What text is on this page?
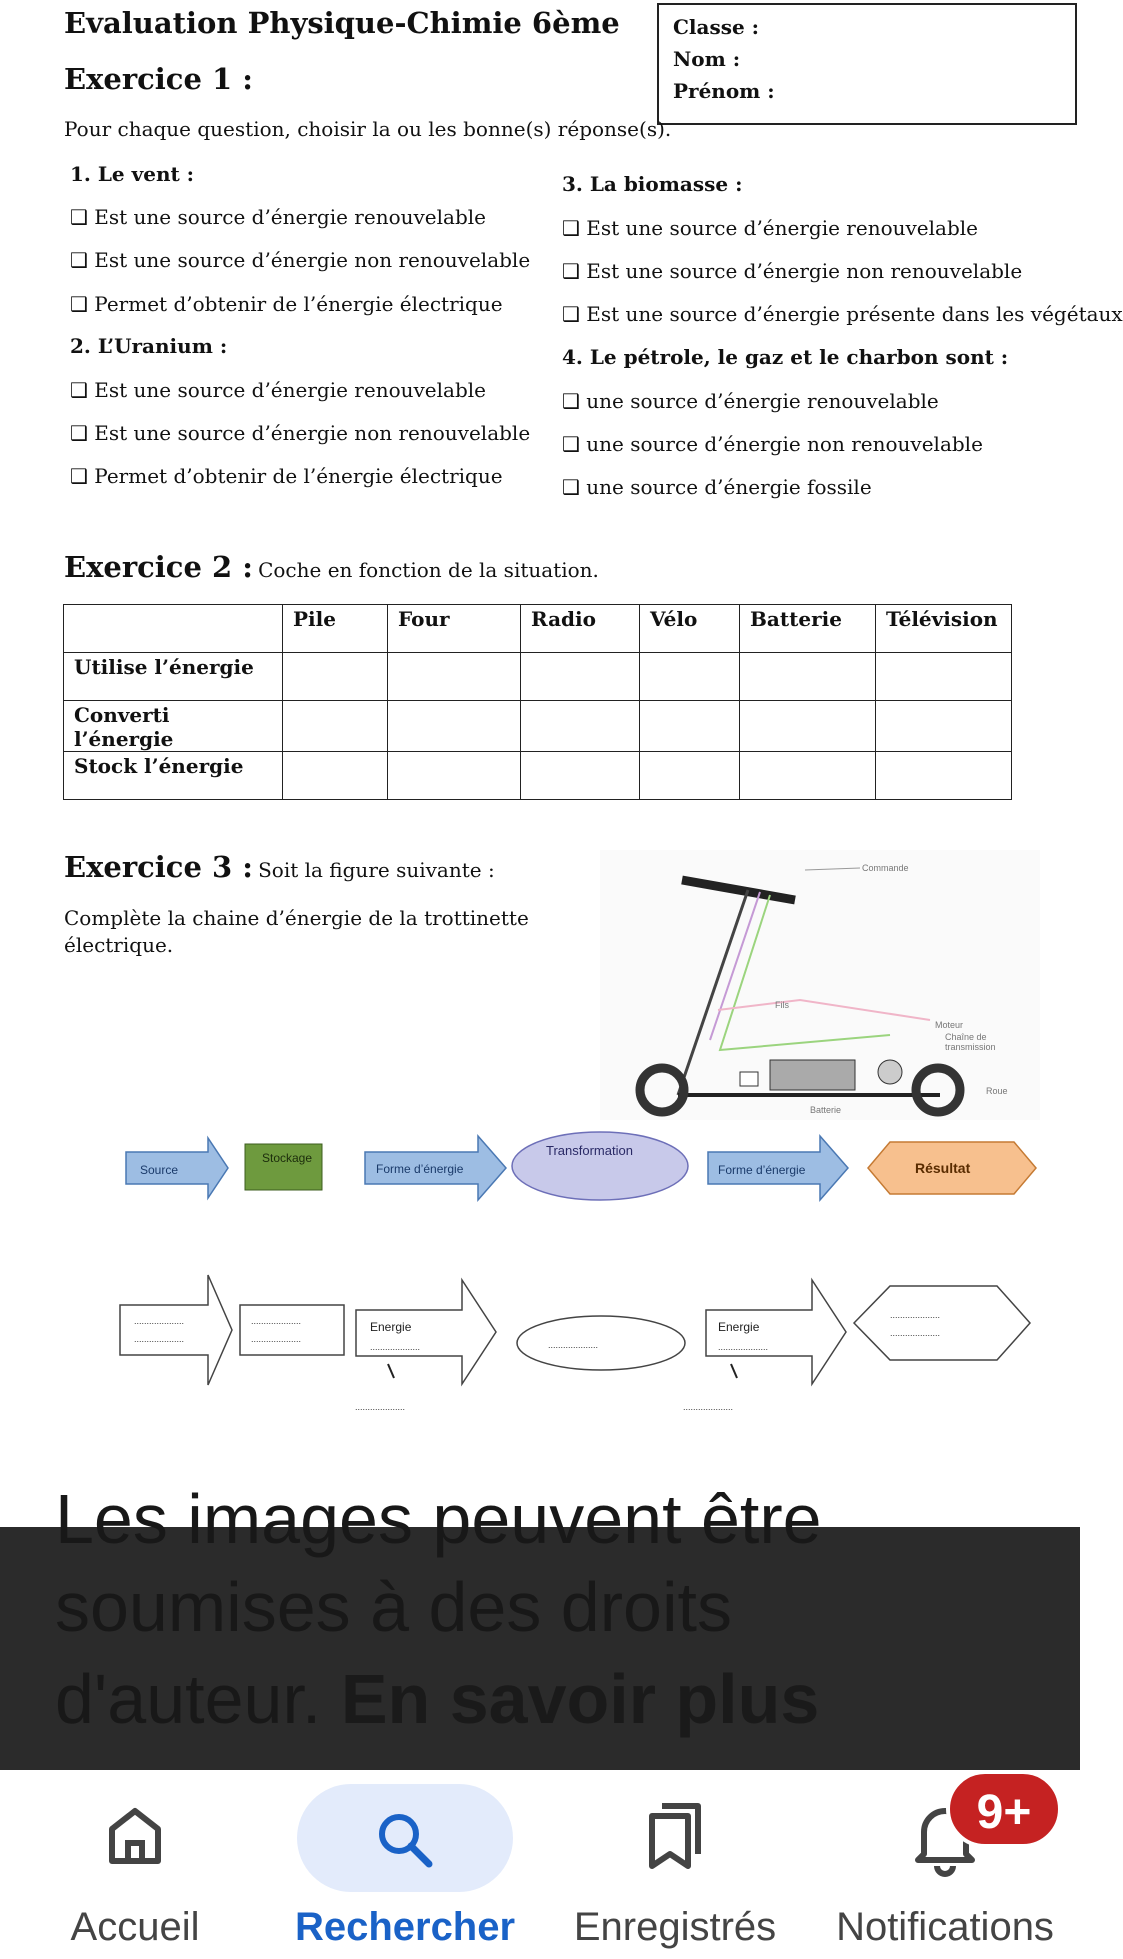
Evaluation Physique-Chimie 6ème	Classe :
Nom :
Prénom :
Exercice 1 :
Pour chaque question, choisir la ou les bonne(s) réponse(s).
1. Le vent :
❑ Est une source d’énergie renouvelable
❑ Est une source d’énergie non renouvelable
❑ Permet d’obtenir de l’énergie électrique
2. L’Uranium :
❑ Est une source d’énergie renouvelable
❑ Est une source d’énergie non renouvelable
❑ Permet d’obtenir de l’énergie électrique
3. La biomasse :
❑ Est une source d’énergie renouvelable
❑ Est une source d’énergie non renouvelable
❑ Est une source d’énergie présente dans les végétaux
4. Le pétrole, le gaz et le charbon sont :
❑ une source d’énergie renouvelable
❑ une source d’énergie non renouvelable
❑ une source d’énergie fossile
Exercice 2 : Coche en fonction de la situation.
	Pile	Four	Radio	Vélo	Batterie	Télévision
Utilise l’énergie						
Converti l’énergie						
Stock l’énergie						
Exercice 3 : Soit la figure suivante :
Complète la chaine d’énergie de la trottinette
électrique.
Commande
Fils
Moteur
Chaîne de
transmission
Roue
Batterie
Source
Stockage
Forme d’énergie
Transformation
Forme d’énergie	Résultat
....................
....................
....................
....................
Energie
....................
....................
....................
Energie
....................
....................
....................
....................
Les images peuvent être
soumises à des droits
d'auteur. En savoir plus
Accueil	Rechercher	Enregistrés	Notifications
9+
